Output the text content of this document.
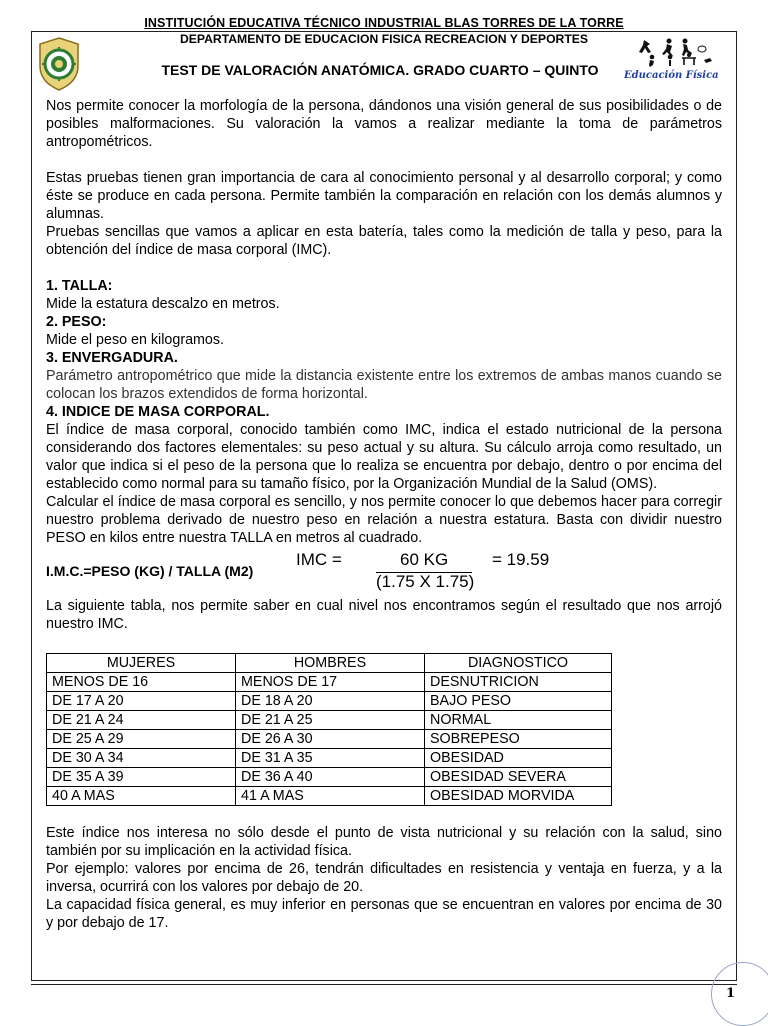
INSTITUCIÓN EDUCATIVA TÉCNICO INDUSTRIAL BLAS TORRES DE LA TORRE
DEPARTAMENTO DE EDUCACION FISICA RECREACION Y DEPORTES
TEST DE VALORACIÓN ANATÓMICA. GRADO CUARTO – QUINTO	Educación Física

Nos permite conocer la morfología de la persona, dándonos una visión general de sus posibilidades o de posibles malformaciones. Su valoración la vamos a realizar mediante la toma de parámetros antropométricos.

Estas pruebas tienen gran importancia de cara al conocimiento personal y al desarrollo corporal; y como éste se produce en cada persona. Permite también la comparación en relación con los demás alumnos y alumnas.

Pruebas sencillas que vamos a aplicar en esta batería, tales como la medición de talla y peso, para la obtención del índice de masa corporal (IMC).

1. TALLA:

Mide la estatura descalzo en metros.

2. PESO:

Mide el peso en kilogramos.

3. ENVERGADURA.

Parámetro antropométrico que mide la distancia existente entre los extremos de ambas manos cuando se colocan los brazos extendidos de forma horizontal.

4. INDICE DE MASA CORPORAL.

El índice de masa corporal, conocido también como IMC, indica el estado nutricional de la persona considerando dos factores elementales: su peso actual y su altura. Su cálculo arroja como resultado, un valor que indica si el peso de la persona que lo realiza se encuentra por debajo, dentro o por encima del establecido como normal para su tamaño físico, por la Organización Mundial de la Salud (OMS).

Calcular el índice de masa corporal es sencillo, y nos permite conocer lo que debemos hacer para corregir nuestro problema derivado de nuestro peso en relación a nuestra estatura. Basta con dividir nuestro PESO en kilos entre nuestra TALLA en metros al cuadrado.

I.M.C.=PESO (KG) / TALLA (M2)
IMC =	60 KG	= 19.59
(1.75 X 1.75)

La siguiente tabla, nos permite saber en cual nivel nos encontramos según el resultado que nos arrojó nuestro IMC.

MUJERES	HOMBRES	DIAGNOSTICO
MENOS DE 16	MENOS DE 17	DESNUTRICION
DE 17 A 20	DE 18 A 20	BAJO PESO
DE 21 A 24	DE 21 A 25	NORMAL
DE 25 A 29	DE 26 A 30	SOBREPESO
DE 30 A 34	DE 31 A 35	OBESIDAD
DE 35 A 39	DE 36 A 40	OBESIDAD SEVERA
40 A MAS	41 A MAS	OBESIDAD MORVIDA

Este índice nos interesa no sólo desde el punto de vista nutricional y su relación con la salud, sino también por su implicación en la actividad física.

Por ejemplo: valores por encima de 26, tendrán dificultades en resistencia y ventaja en fuerza, y a la inversa, ocurrirá con los valores por debajo de 20.

La capacidad física general, es muy inferior en personas que se encuentran en valores por encima de 30 y por debajo de 17.

1
